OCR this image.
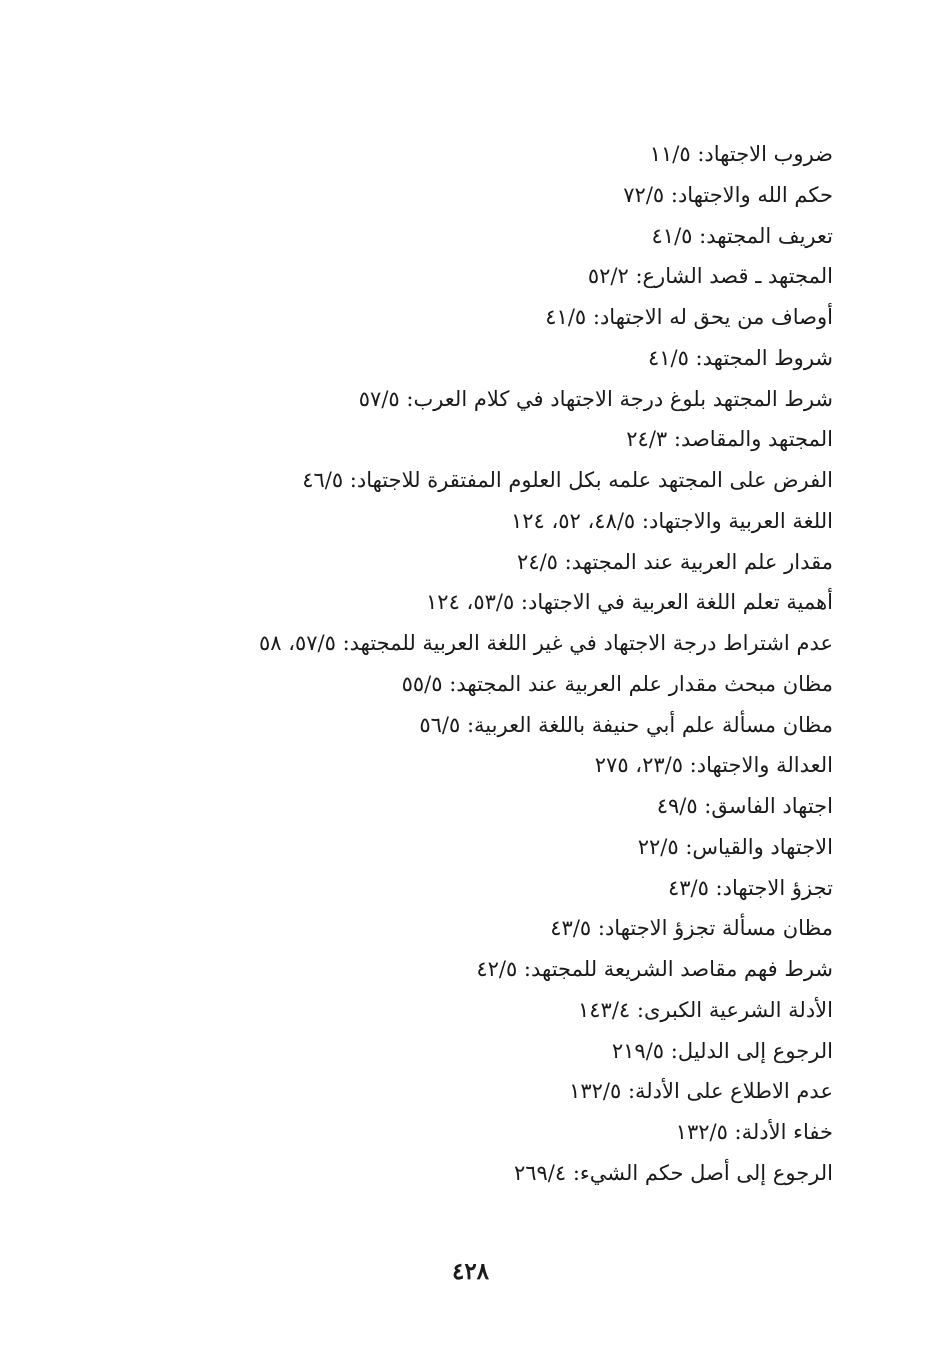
ضروب الاجتهاد: ١١/٥
حكم الله والاجتهاد: ٧٢/٥
تعريف المجتهد: ٤١/٥
المجتهد ـ قصد الشارع: ٥٢/٢
أوصاف من يحق له الاجتهاد: ٤١/٥
شروط المجتهد: ٤١/٥
شرط المجتهد بلوغ درجة الاجتهاد في كلام العرب: ٥٧/٥
المجتهد والمقاصد: ٢٤/٣
الفرض على المجتهد علمه بكل العلوم المفتقرة للاجتهاد: ٤٦/٥
اللغة العربية والاجتهاد: ٤٨/٥، ٥٢، ١٢٤
مقدار علم العربية عند المجتهد: ٢٤/٥
أهمية تعلم اللغة العربية في الاجتهاد: ٥٣/٥، ١٢٤
عدم اشتراط درجة الاجتهاد في غير اللغة العربية للمجتهد: ٥٧/٥، ٥٨
مظان مبحث مقدار علم العربية عند المجتهد: ٥٥/٥
مظان مسألة علم أبي حنيفة باللغة العربية: ٥٦/٥
العدالة والاجتهاد: ٢٣/٥، ٢٧٥
اجتهاد الفاسق: ٤٩/٥
الاجتهاد والقياس: ٢٢/٥
تجزؤ الاجتهاد: ٤٣/٥
مظان مسألة تجزؤ الاجتهاد: ٤٣/٥
شرط فهم مقاصد الشريعة للمجتهد: ٤٢/٥
الأدلة الشرعية الكبرى: ١٤٣/٤
الرجوع إلى الدليل: ٢١٩/٥
عدم الاطلاع على الأدلة: ١٣٢/٥
خفاء الأدلة: ١٣٢/٥
الرجوع إلى أصل حكم الشيء: ٢٦٩/٤
٤٢٨
